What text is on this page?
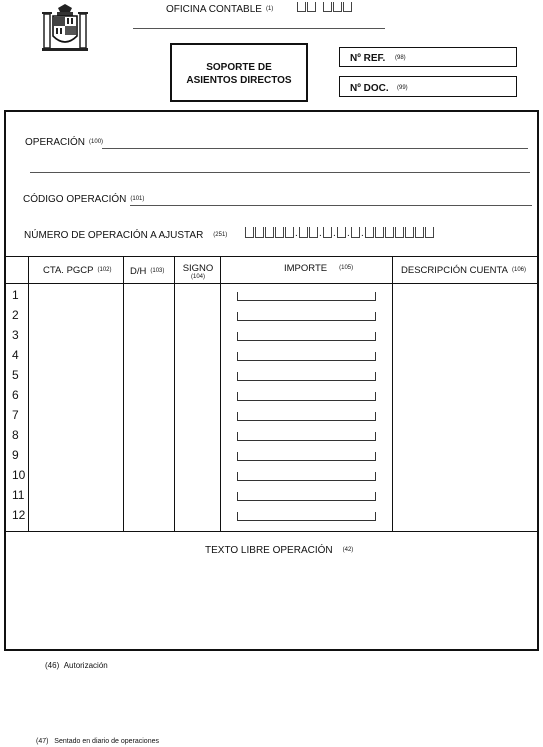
OFICINA CONTABLE (1)
SOPORTE DE
ASIENTOS DIRECTOS
Nº REF. (98)
Nº DOC. (99)
OPERACIÓN (100)
CÓDIGO OPERACIÓN (101)
NÚMERO DE OPERACIÓN A AJUSTAR (251)	. . . . .
CTA. PGCP (102) D/H (103) SIGNO
(104)
IMPORTE (105)	DESCRIPCIÓN CUENTA (106)
1
2
3
4
5
6
7
8
9
10
11
12
TEXTO LIBRE OPERACIÓN (42)
(46) Autorización
(47) Sentado en diario de operaciones
